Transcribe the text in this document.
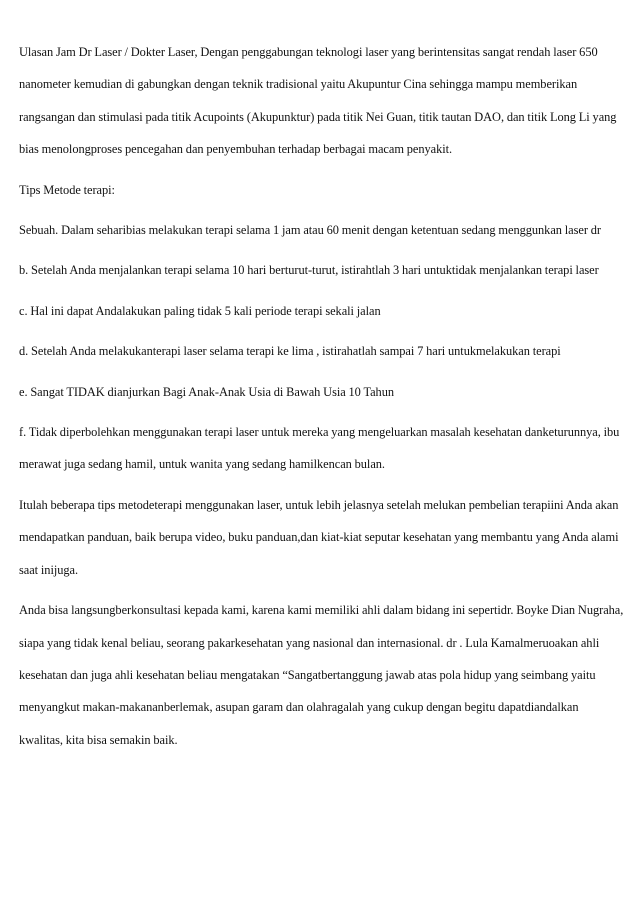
Ulasan Jam Dr Laser / Dokter Laser, Dengan penggabungan teknologi laser yang berintensitas sangat rendah laser 650 nanometer kemudian di gabungkan dengan teknik tradisional yaitu Akupuntur Cina sehingga mampu memberikan rangsangan dan stimulasi pada titik Acupoints (Akupunktur) pada titik Nei Guan, titik tautan DAO, dan titik Long Li yang bias menolongproses pencegahan dan penyembuhan terhadap berbagai macam penyakit.

Tips Metode terapi:

Sebuah. Dalam seharibias melakukan terapi selama 1 jam atau 60 menit dengan ketentuan sedang menggunkan laser dr

b. Setelah Anda menjalankan terapi selama 10 hari berturut-turut, istirahtlah 3 hari untuktidak menjalankan terapi laser

c. Hal ini dapat Andalakukan paling tidak 5 kali periode terapi sekali jalan

d. Setelah Anda melakukanterapi laser selama terapi ke lima , istirahatlah sampai 7 hari untukmelakukan terapi

e. Sangat TIDAK dianjurkan Bagi Anak-Anak Usia di Bawah Usia 10 Tahun

f. Tidak diperbolehkan menggunakan terapi laser untuk mereka yang mengeluarkan masalah kesehatan danketurunnya, ibu merawat juga sedang hamil, untuk wanita yang sedang hamilkencan bulan.

Itulah beberapa tips metodeterapi menggunakan laser, untuk lebih jelasnya setelah melukan pembelian terapiini Anda akan mendapatkan panduan, baik berupa video, buku panduan,dan kiat-kiat seputar kesehatan yang membantu yang Anda alami saat inijuga.

Anda bisa langsungberkonsultasi kepada kami, karena kami memiliki ahli dalam bidang ini sepertidr. Boyke Dian Nugraha, siapa yang tidak kenal beliau, seorang pakarkesehatan yang nasional dan internasional. dr . Lula Kamalmeruoakan ahli kesehatan dan juga ahli kesehatan beliau mengatakan “Sangatbertanggung jawab atas pola hidup yang seimbang yaitu menyangkut makan-makananberlemak, asupan garam dan olahragalah yang cukup dengan begitu dapatdiandalkan kwalitas, kita bisa semakin baik.
